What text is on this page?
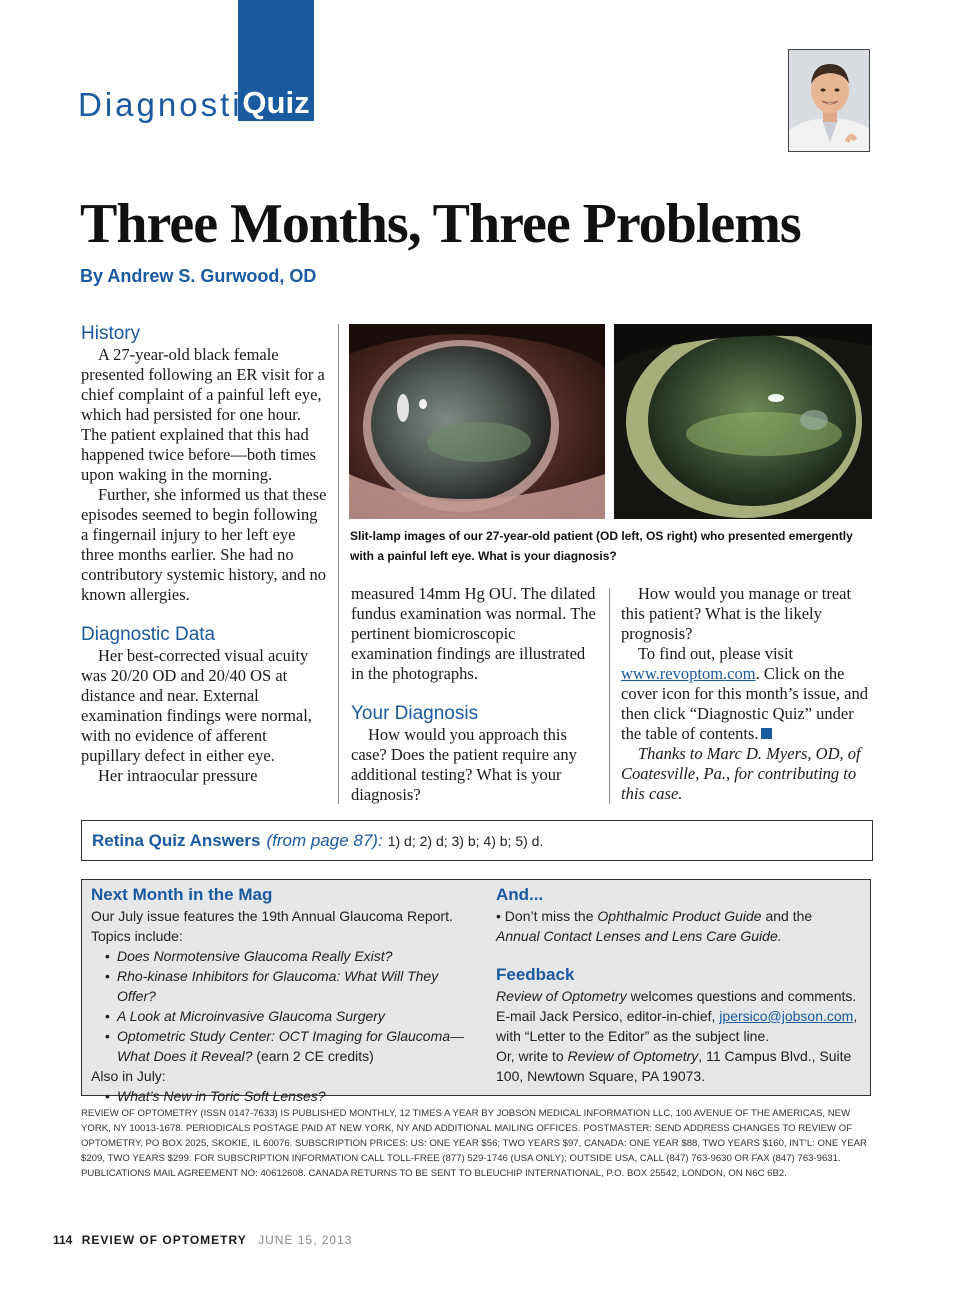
Diagnostic
Quiz
Three Months, Three Problems
By Andrew S. Gurwood, OD
History

A 27-year-old black female presented following an ER visit for a chief complaint of a painful left eye, which had persisted for one hour. The patient explained that this had happened twice before—both times upon waking in the morning.

Further, she informed us that these episodes seemed to begin following a fingernail injury to her left eye three months earlier. She had no contributory systemic history, and no known allergies.

Diagnostic Data

Her best-corrected visual acuity was 20/20 OD and 20/40 OS at distance and near. External examination findings were normal, with no evidence of afferent pupillary defect in either eye.

Her intraocular pressure

Slit-lamp images of our 27-year-old patient (OD left, OS right) who presented emergently with a painful left eye. What is your diagnosis?

measured 14mm Hg OU. The dilated fundus examination was normal. The pertinent biomicroscopic examination findings are illustrated in the photographs.

Your Diagnosis

How would you approach this case? Does the patient require any additional testing? What is your diagnosis?

How would you manage or treat this patient? What is the likely prognosis?

To find out, please visit www.revoptom.com. Click on the cover icon for this month’s issue, and then click “Diagnostic Quiz” under the table of contents.

Thanks to Marc D. Myers, OD, of Coatesville, Pa., for contributing to this case.

Retina Quiz Answers (from page 87): 1) d; 2) d; 3) b; 4) b; 5) d.
Next Month in the Mag
Our July issue features the 19th Annual Glaucoma Report. Topics include:
• Does Normotensive Glaucoma Really Exist?
• Rho-kinase Inhibitors for Glaucoma: What Will They Offer?
• A Look at Microinvasive Glaucoma Surgery
• Optometric Study Center: OCT Imaging for Glaucoma—What Does it Reveal? (earn 2 CE credits)
Also in July:
• What’s New in Toric Soft Lenses?
And...
• Don’t miss the Ophthalmic Product Guide and the
Annual Contact Lenses and Lens Care Guide.
Feedback
Review of Optometry welcomes questions and comments. E-mail Jack Persico, editor-in-chief, jpersico@jobson.com, with “Letter to the Editor” as the subject line.
Or, write to Review of Optometry, 11 Campus Blvd., Suite 100, Newtown Square, PA 19073.
REVIEW OF OPTOMETRY (ISSN 0147-7633) IS PUBLISHED MONTHLY, 12 TIMES A YEAR BY JOBSON MEDICAL INFORMATION LLC, 100 AVENUE OF THE AMERICAS, NEW YORK, NY 10013-1678. PERIODICALS POSTAGE PAID AT NEW YORK, NY AND ADDITIONAL MAILING OFFICES. POSTMASTER: SEND ADDRESS CHANGES TO REVIEW OF OPTOMETRY, PO BOX 2025, SKOKIE, IL 60076. SUBSCRIPTION PRICES: US: ONE YEAR $56; TWO YEARS $97, CANADA: ONE YEAR $88, TWO YEARS $160, INT’L: ONE YEAR $209, TWO YEARS $299. FOR SUBSCRIPTION INFORMATION CALL TOLL-FREE (877) 529-1746 (USA ONLY); OUTSIDE USA, CALL (847) 763-9630 OR FAX (847) 763-9631. PUBLICATIONS MAIL AGREEMENT NO: 40612608. CANADA RETURNS TO BE SENT TO BLEUCHIP INTERNATIONAL, P.O. BOX 25542, LONDON, ON N6C 6B2.
114 REVIEW OF OPTOMETRY JUNE 15, 2013
